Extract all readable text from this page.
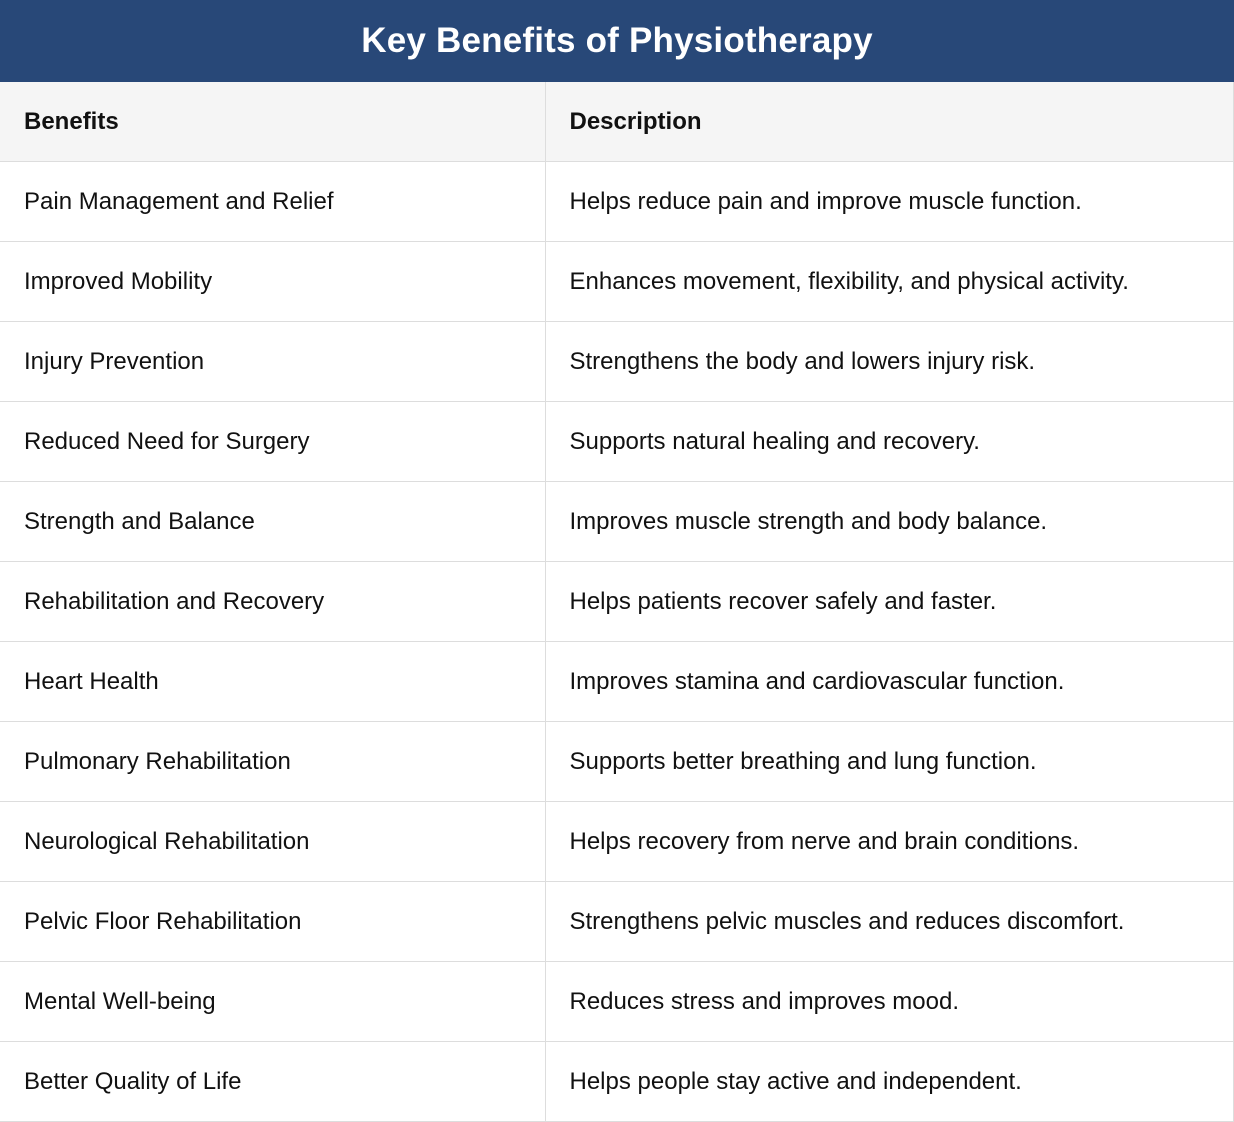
Key Benefits of Physiotherapy
Benefits	Description
Pain Management and Relief	Helps reduce pain and improve muscle function.
Improved Mobility	Enhances movement, flexibility, and physical activity.
Injury Prevention	Strengthens the body and lowers injury risk.
Reduced Need for Surgery	Supports natural healing and recovery.
Strength and Balance	Improves muscle strength and body balance.
Rehabilitation and Recovery	Helps patients recover safely and faster.
Heart Health	Improves stamina and cardiovascular function.
Pulmonary Rehabilitation	Supports better breathing and lung function.
Neurological Rehabilitation	Helps recovery from nerve and brain conditions.
Pelvic Floor Rehabilitation	Strengthens pelvic muscles and reduces discomfort.
Mental Well-being	Reduces stress and improves mood.
Better Quality of Life	Helps people stay active and independent.
